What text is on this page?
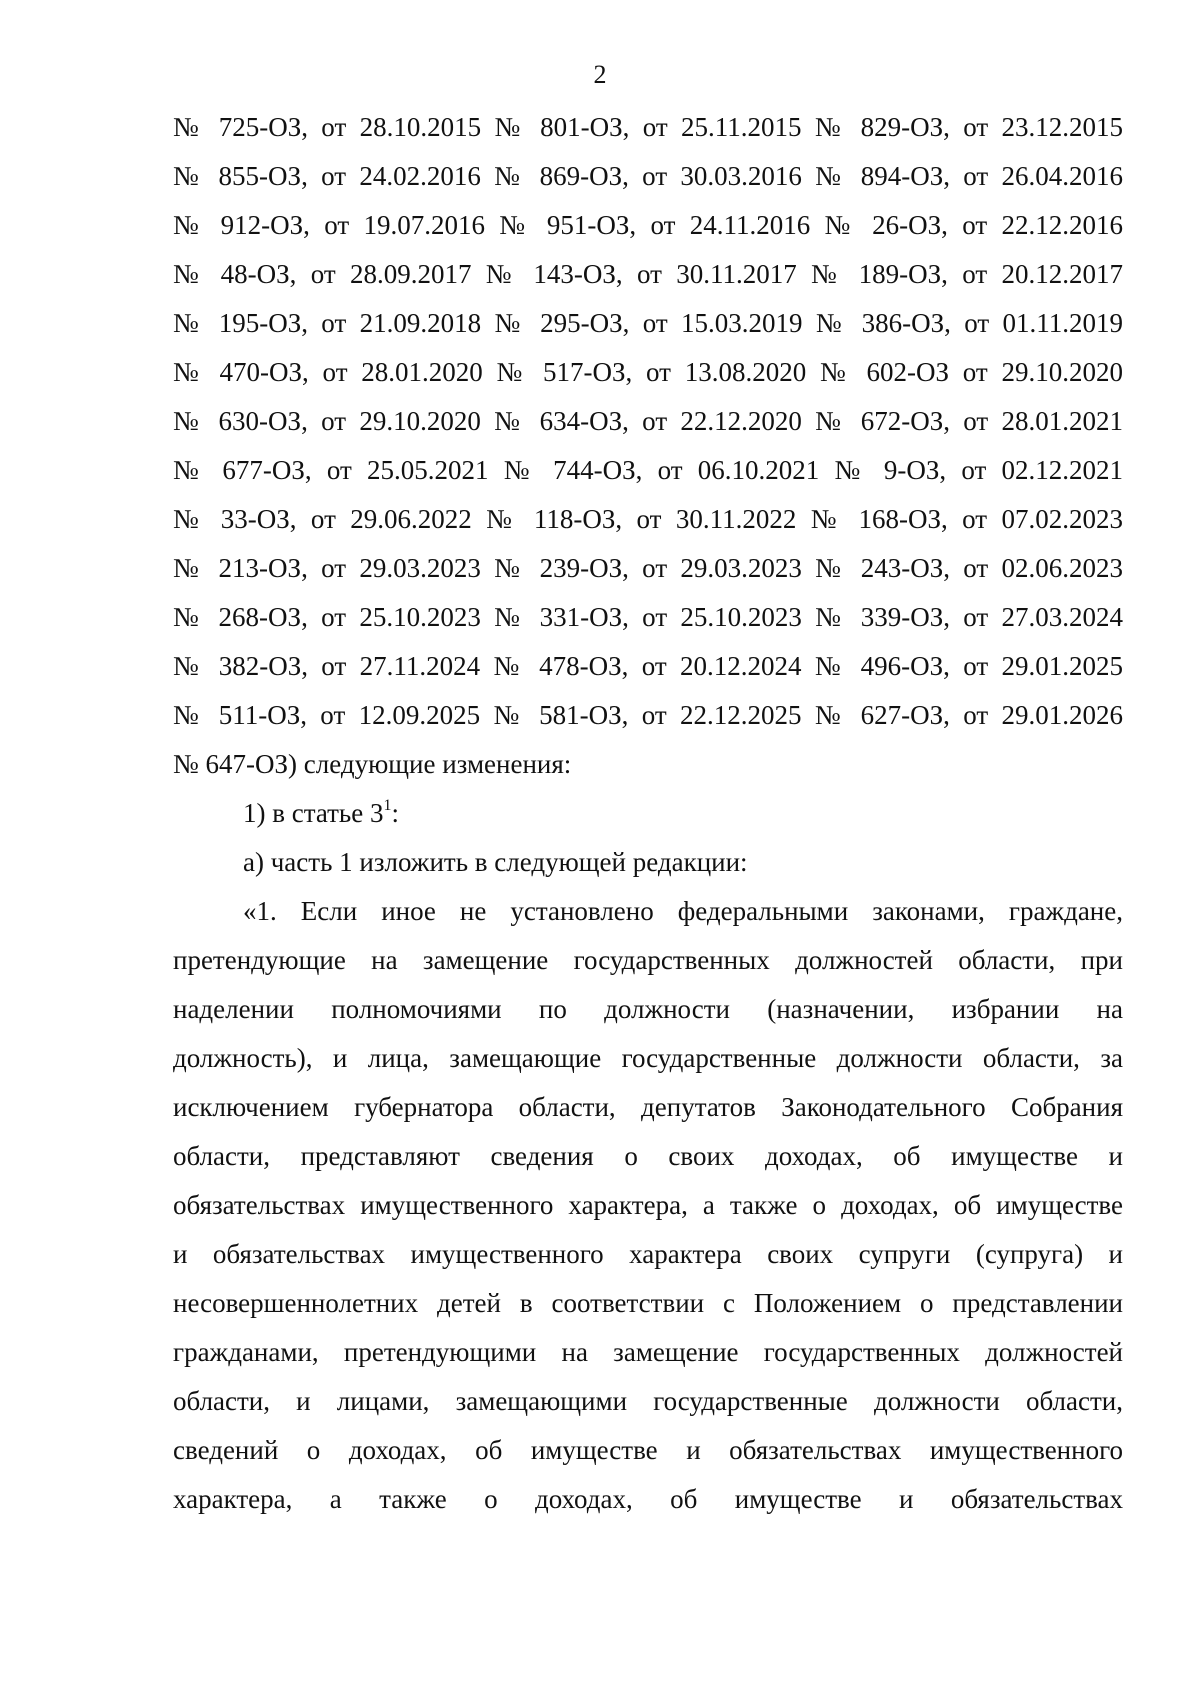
2
№ 725-ОЗ, от 28.10.2015 № 801-ОЗ, от 25.11.2015 № 829-ОЗ, от 23.12.2015
№ 855-ОЗ, от 24.02.2016 № 869-ОЗ, от 30.03.2016 № 894-ОЗ, от 26.04.2016
№ 912-ОЗ, от 19.07.2016 № 951-ОЗ, от 24.11.2016 № 26-ОЗ, от 22.12.2016
№ 48-ОЗ, от 28.09.2017 № 143-ОЗ, от 30.11.2017 № 189-ОЗ, от 20.12.2017
№ 195-ОЗ, от 21.09.2018 № 295-ОЗ, от 15.03.2019 № 386-ОЗ, от 01.11.2019
№ 470-ОЗ, от 28.01.2020 № 517-ОЗ, от 13.08.2020 № 602-ОЗ от 29.10.2020
№ 630-ОЗ, от 29.10.2020 № 634-ОЗ, от 22.12.2020 № 672-ОЗ, от 28.01.2021
№ 677-ОЗ, от 25.05.2021 № 744-ОЗ, от 06.10.2021 № 9-ОЗ, от 02.12.2021
№ 33-ОЗ, от 29.06.2022 № 118-ОЗ, от 30.11.2022 № 168-ОЗ, от 07.02.2023
№ 213-ОЗ, от 29.03.2023 № 239-ОЗ, от 29.03.2023 № 243-ОЗ, от 02.06.2023
№ 268-ОЗ, от 25.10.2023 № 331-ОЗ, от 25.10.2023 № 339-ОЗ, от 27.03.2024
№ 382-ОЗ, от 27.11.2024 № 478-ОЗ, от 20.12.2024 № 496-ОЗ, от 29.01.2025
№ 511-ОЗ, от 12.09.2025 № 581-ОЗ, от 22.12.2025 № 627-ОЗ, от 29.01.2026
№ 647-ОЗ) следующие изменения:
1) в статье $3^1$:
а) часть 1 изложить в следующей редакции:
«1. Если иное не установлено федеральными законами, граждане,
претендующие на замещение государственных должностей области, при
наделении полномочиями по должности (назначении, избрании на
должность), и лица, замещающие государственные должности области, за
исключением губернатора области, депутатов Законодательного Собрания
области, представляют сведения о своих доходах, об имуществе и
обязательствах имущественного характера, а также о доходах, об имуществе
и обязательствах имущественного характера своих супруги (супруга) и
несовершеннолетних детей в соответствии с Положением о представлении
гражданами, претендующими на замещение государственных должностей
области, и лицами, замещающими государственные должности области,
сведений о доходах, об имуществе и обязательствах имущественного
характера, а также о доходах, об имуществе и обязательствах
